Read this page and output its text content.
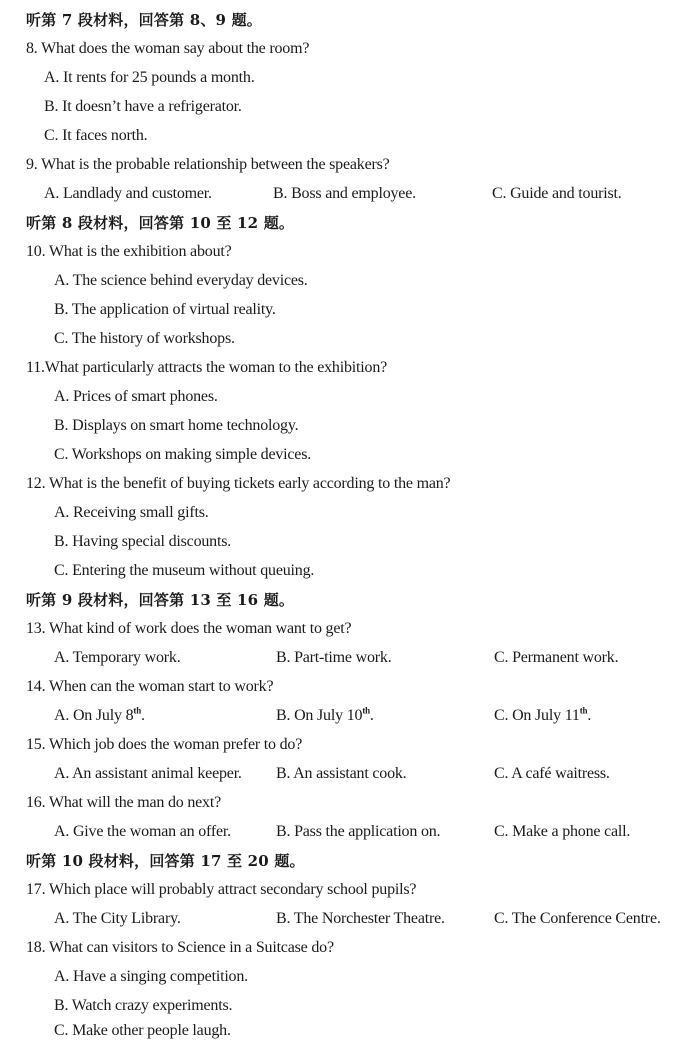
听第 7 段材料，回答第 8、9 题。
8. What does the woman say about the room?
A. It rents for 25 pounds a month.
B. It doesn’t have a refrigerator.
C. It faces north.
9. What is the probable relationship between the speakers?
A. Landlady and customer.	B. Boss and employee.	C. Guide and tourist.
听第 8 段材料，回答第 10 至 12 题。
10. What is the exhibition about?
A. The science behind everyday devices.
B. The application of virtual reality.
C. The history of workshops.
11.What particularly attracts the woman to the exhibition?
A. Prices of smart phones.
B. Displays on smart home technology.
C. Workshops on making simple devices.
12. What is the benefit of buying tickets early according to the man?
A. Receiving small gifts.
B. Having special discounts.
C. Entering the museum without queuing.
听第 9 段材料，回答第 13 至 16 题。
13. What kind of work does the woman want to get?
A. Temporary work.	B. Part-time work.	C. Permanent work.
14. When can the woman start to work?
A. On July 8th.	B. On July 10th.	C. On July 11th.
15. Which job does the woman prefer to do?
A. An assistant animal keeper. B. An assistant cook.	C. A café waitress.
16. What will the man do next?
A. Give the woman an offer.	B. Pass the application on.	C. Make a phone call.
听第 10 段材料，回答第 17 至 20 题。
17. Which place will probably attract secondary school pupils?
A. The City Library.	B. The Norchester Theatre.	C. The Conference Centre.
18. What can visitors to Science in a Suitcase do?
A. Have a singing competition.
B. Watch crazy experiments.
C. Make other people laugh.
